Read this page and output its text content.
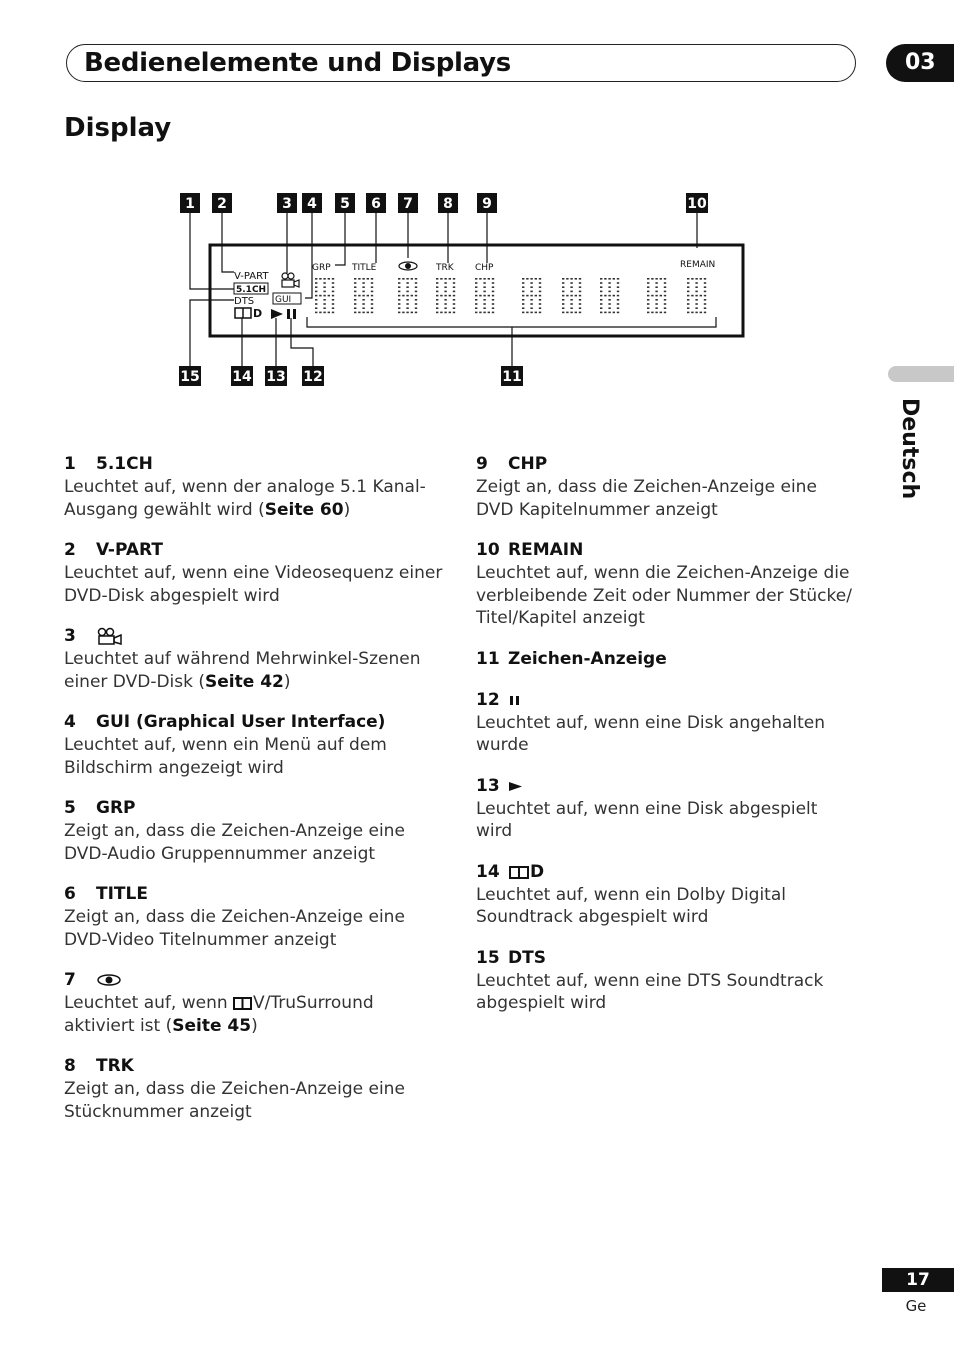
Bedienelemente und Displays	03
Display
Deutsch
1 2	3 4 5 6 7 8 9	10
15 14 13 12	11
V-PART
5.1CH
DTS GUI
GRP TITLE	TRK CHP	REMAIN
D
1	5.1CH
Leuchtet auf, wenn der analoge 5.1 Kanal-Ausgang gewählt wird (Seite 60)
2	V-PART
Leuchtet auf, wenn eine Videosequenz einer DVD-Disk abgespielt wird
3
Leuchtet auf während Mehrwinkel-Szenen einer DVD-Disk (Seite 42)
4	GUI (Graphical User Interface)
Leuchtet auf, wenn ein Menü auf dem Bildschirm angezeigt wird
5	GRP
Zeigt an, dass die Zeichen-Anzeige eine DVD-Audio Gruppennummer anzeigt
6	TITLE
Zeigt an, dass die Zeichen-Anzeige eine DVD-Video Titelnummer anzeigt
7
Leuchtet auf, wenn V/TruSurround aktiviert ist (Seite 45)
8	TRK
Zeigt an, dass die Zeichen-Anzeige eine Stücknummer anzeigt
9	CHP
Zeigt an, dass die Zeichen-Anzeige eine DVD Kapitelnummer anzeigt
10 REMAIN
Leuchtet auf, wenn die Zeichen-Anzeige die verbleibende Zeit oder Nummer der Stücke/ Titel/Kapitel anzeigt
11 Zeichen-Anzeige
12
Leuchtet auf, wenn eine Disk angehalten wurde
13
Leuchtet auf, wenn eine Disk abgespielt wird
14	D
Leuchtet auf, wenn ein Dolby Digital Soundtrack abgespielt wird
15 DTS
Leuchtet auf, wenn eine DTS Soundtrack abgespielt wird
17
Ge
